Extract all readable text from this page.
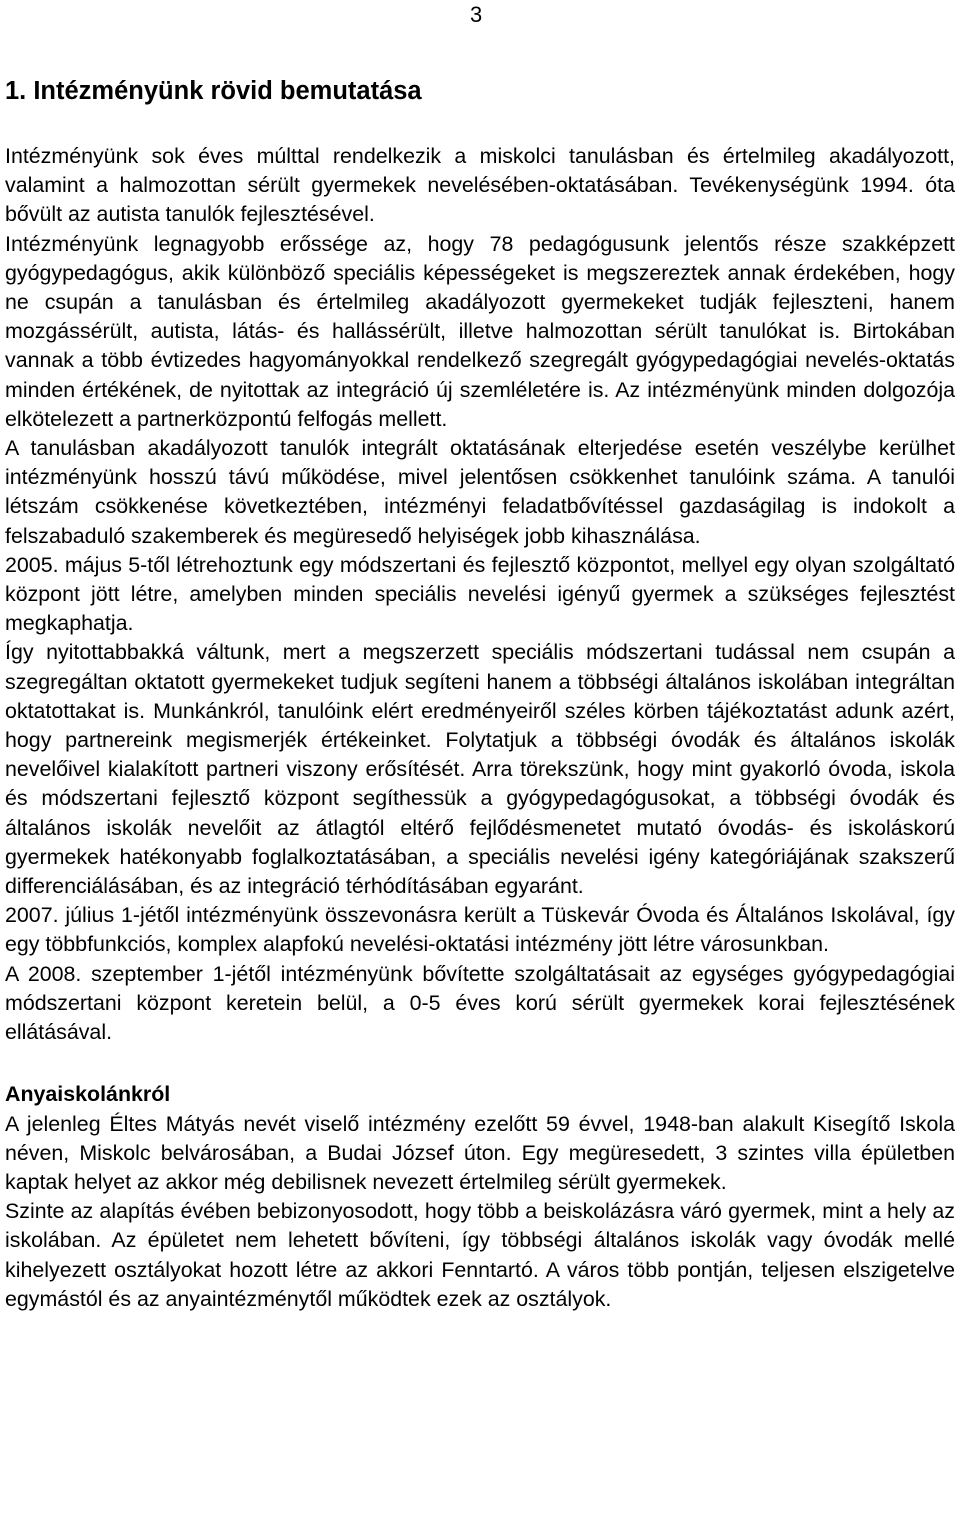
3
1. Intézményünk rövid bemutatása

Intézményünk sok éves múlttal rendelkezik a miskolci tanulásban és értelmileg akadályozott, valamint a halmozottan sérült gyermekek nevelésében-oktatásában. Tevékenységünk 1994. óta bővült az autista tanulók fejlesztésével.

Intézményünk legnagyobb erőssége az, hogy 78 pedagógusunk jelentős része szakképzett gyógypedagógus, akik különböző speciális képességeket is megszereztek annak érdekében, hogy ne csupán a tanulásban és értelmileg akadályozott gyermekeket tudják fejleszteni, hanem mozgássérült, autista, látás- és hallássérült, illetve halmozottan sérült tanulókat is. Birtokában vannak a több évtizedes hagyományokkal rendelkező szegregált gyógypedagógiai nevelés-oktatás minden értékének, de nyitottak az integráció új szemléletére is. Az intézményünk minden dolgozója elkötelezett a partnerközpontú felfogás mellett.

A tanulásban akadályozott tanulók integrált oktatásának elterjedése esetén veszélybe kerülhet intézményünk hosszú távú működése, mivel jelentősen csökkenhet tanulóink száma. A tanulói létszám csökkenése következtében, intézményi feladatbővítéssel gazdaságilag is indokolt a felszabaduló szakemberek és megüresedő helyiségek jobb kihasználása.

2005. május 5-től létrehoztunk egy módszertani és fejlesztő központot, mellyel egy olyan szolgáltató központ jött létre, amelyben minden speciális nevelési igényű gyermek a szükséges fejlesztést megkaphatja.

Így nyitottabbakká váltunk, mert a megszerzett speciális módszertani tudással nem csupán a szegregáltan oktatott gyermekeket tudjuk segíteni hanem a többségi általános iskolában integráltan oktatottakat is. Munkánkról, tanulóink elért eredményeiről széles körben tájékoztatást adunk azért, hogy partnereink megismerjék értékeinket. Folytatjuk a többségi óvodák és általános iskolák nevelőivel kialakított partneri viszony erősítését. Arra törekszünk, hogy mint gyakorló óvoda, iskola és módszertani fejlesztő központ segíthessük a gyógypedagógusokat, a többségi óvodák és általános iskolák nevelőit az átlagtól eltérő fejlődésmenetet mutató óvodás- és iskoláskorú gyermekek hatékonyabb foglalkoztatásában, a speciális nevelési igény kategóriájának szakszerű differenciálásában, és az integráció térhódításában egyaránt.

2007. július 1-jétől intézményünk összevonásra került a Tüskevár Óvoda és Általános Iskolával, így egy többfunkciós, komplex alapfokú nevelési-oktatási intézmény jött létre városunkban.

A 2008. szeptember 1-jétől intézményünk bővítette szolgáltatásait az egységes gyógypedagógiai módszertani központ keretein belül, a 0-5 éves korú sérült gyermekek korai fejlesztésének ellátásával.

Anyaiskolánkról

A jelenleg Éltes Mátyás nevét viselő intézmény ezelőtt 59 évvel, 1948-ban alakult Kisegítő Iskola néven, Miskolc belvárosában, a Budai József úton. Egy megüresedett, 3 szintes villa épületben kaptak helyet az akkor még debilisnek nevezett értelmileg sérült gyermekek.

Szinte az alapítás évében bebizonyosodott, hogy több a beiskolázásra váró gyermek, mint a hely az iskolában. Az épületet nem lehetett bővíteni, így többségi általános iskolák vagy óvodák mellé kihelyezett osztályokat hozott létre az akkori Fenntartó. A város több pontján, teljesen elszigetelve egymástól és az anyaintézménytől működtek ezek az osztályok.
